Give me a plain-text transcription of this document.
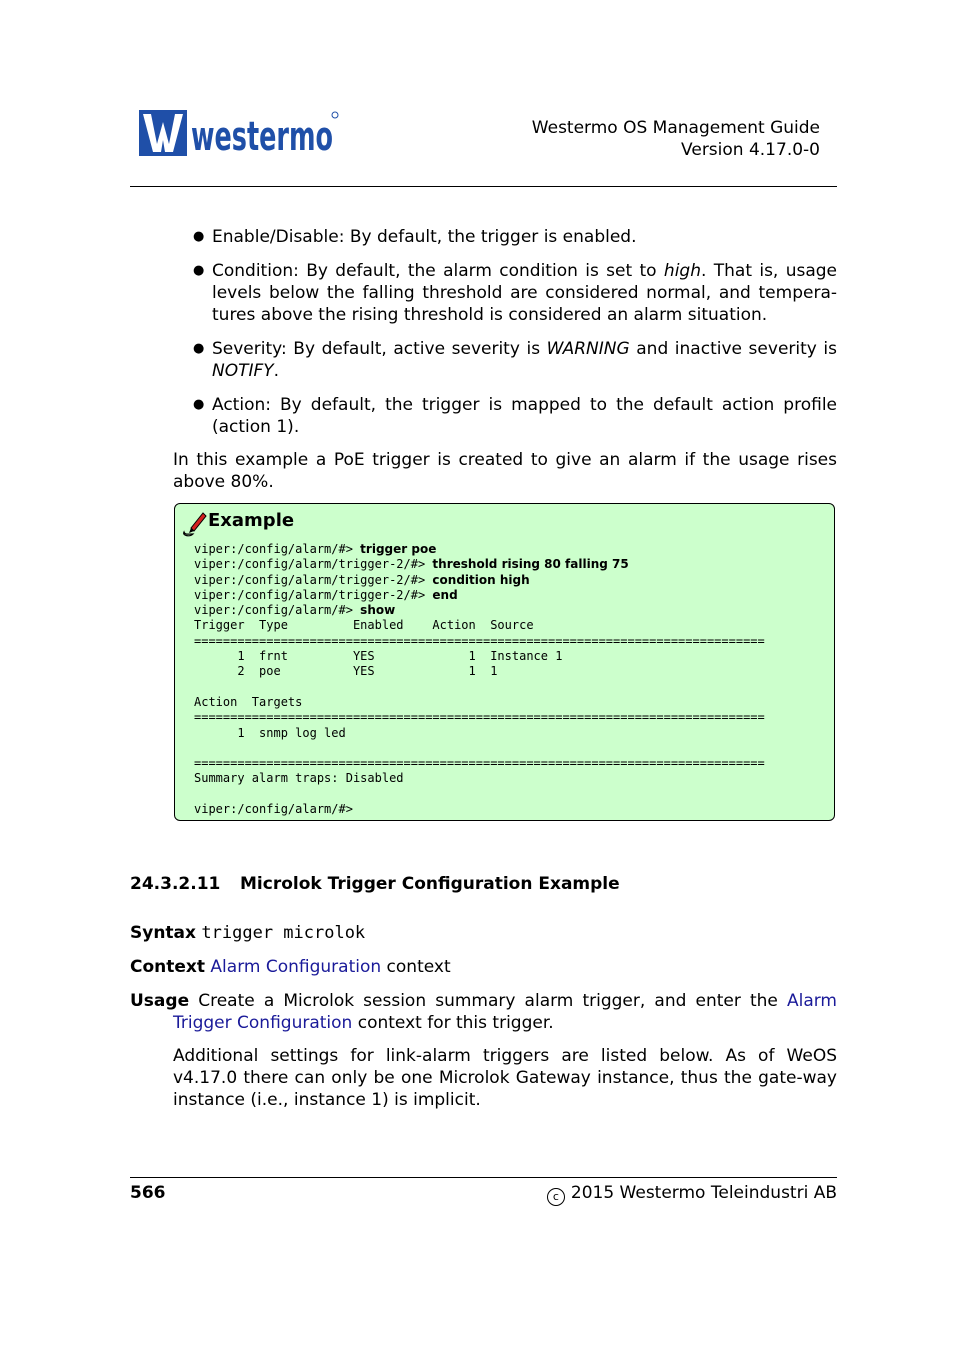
westermo	Westermo OS Management Guide
Version 4.17.0-0
● Enable/Disable: By default, the trigger is enabled.
● Condition: By default, the alarm condition is set to high. That is, usage levels below the falling threshold are considered normal, and tempera-tures above the rising threshold is considered an alarm situation.
● Severity: By default, active severity is WARNING and inactive severity is NOTIFY.
● Action: By default, the trigger is mapped to the default action profile (action 1).
In this example a PoE trigger is created to give an alarm if the usage rises above 80%.
Example
viper:/config/alarm/#> trigger poe
viper:/config/alarm/trigger-2/#> threshold rising 80 falling 75
viper:/config/alarm/trigger-2/#> condition high
viper:/config/alarm/trigger-2/#> end
viper:/config/alarm/#> show
Trigger  Type         Enabled    Action  Source
===============================================================================
1  frnt         YES             1  Instance 1
2  poe          YES             1  1

Action  Targets
===============================================================================
1  snmp log led

===============================================================================
Summary alarm traps: Disabled

viper:/config/alarm/#>
24.3.2.11 Microlok Trigger Configuration Example
Syntax trigger microlok
Context Alarm Configuration context
Usage Create a Microlok session summary alarm trigger, and enter the Alarm Trigger Configuration context for this trigger.
Additional settings for link-alarm triggers are listed below. As of WeOS v4.17.0 there can only be one Microlok Gateway instance, thus the gate-way instance (i.e., instance 1) is implicit.
566	c 2015 Westermo Teleindustri AB
